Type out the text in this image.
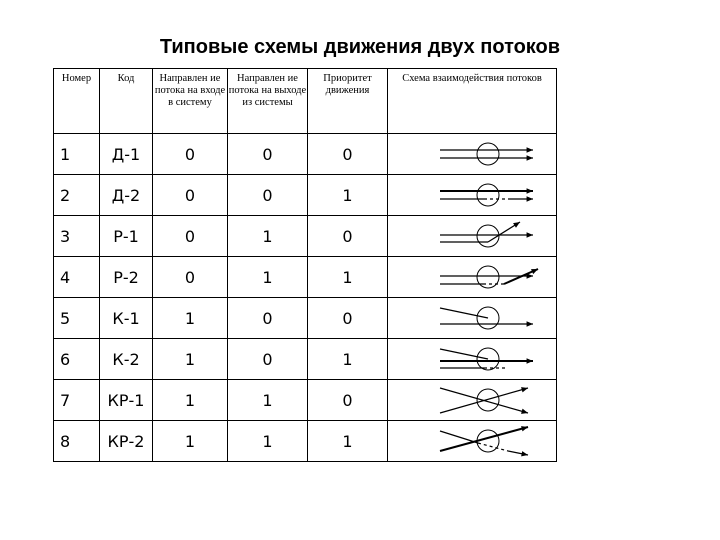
Типовые схемы движения двух потоков
Номер	Код	Направлен ие потока на входе в систему	Направлен ие потока на выходе из системы	Приоритет движения	Схема взаимодействия потоков
1	Д-1	0	0	0	

2	Д-2	0	0	1	

3	Р-1	0	1	0	

4	Р-2	0	1	1	

5	К-1	1	0	0	

6	К-2	1	0	1	

7	КР-1	1	1	0	

8	КР-2	1	1	1	
